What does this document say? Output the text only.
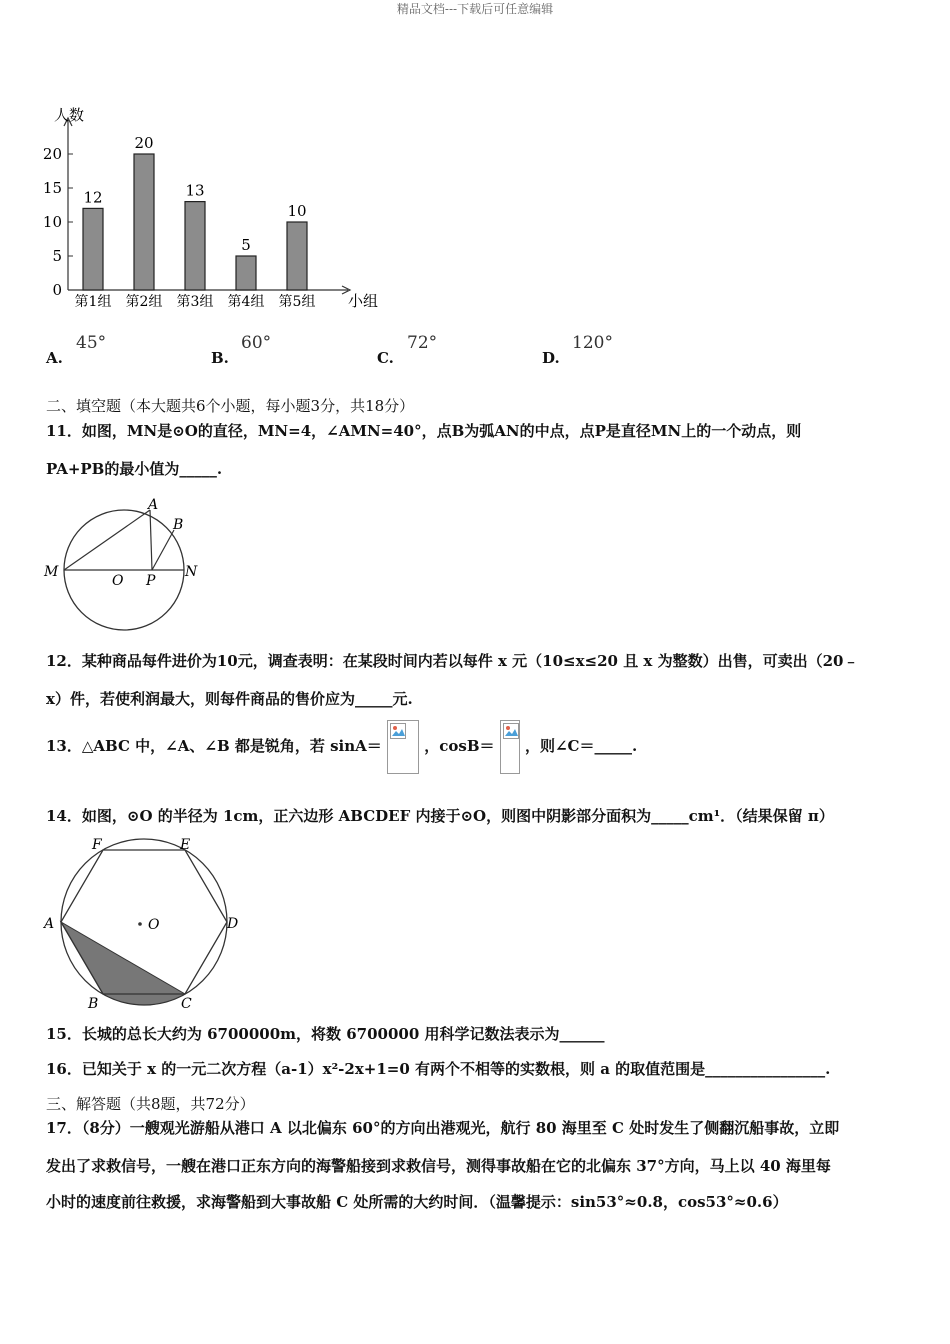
精品文档---下载后可任意编辑
0
5
10
15
20
12
第1组
20
第2组
13
第3组
5
第4组
10
第5组
人数
小组
A.
45°
B.
60°
C.
72°
D.
120°
二、填空题（本大题共6个小题，每小题3分，共18分）
11．如图，MN是⊙O的直径，MN=4，∠AMN=40°，点B为弧AN的中点，点P是直径MN上的一个动点，则
PA+PB的最小值为_____.
M
O P
N
A
B
12．某种商品每件进价为10元，调查表明：在某段时间内若以每件 x 元（10≤x≤20 且 x 为整数）出售，可卖出（20﹣
x）件，若使利润最大，则每件商品的售价应为_____元.
13．△ABC 中，∠A、∠B 都是锐角，若 sinA＝	，cosB＝ ，则∠C＝_____.
14．如图，⊙O 的半径为 1cm，正六边形 ABCDEF 内接于⊙O，则图中阴影部分面积为_____cm¹．（结果保留 π）
O
A
B	C
D
E
F
15．长城的总长大约为 6700000m，将数 6700000 用科学记数法表示为______
16．已知关于 x 的一元二次方程（a-1）x²-2x+1=0 有两个不相等的实数根，则 a 的取值范围是________________.
三、解答题（共8题，共72分）
17．（8分）一艘观光游船从港口 A 以北偏东 60°的方向出港观光，航行 80 海里至 C 处时发生了侧翻沉船事故，立即
发出了求救信号，一艘在港口正东方向的海警船接到求救信号，测得事故船在它的北偏东 37°方向，马上以 40 海里每
小时的速度前往救援，求海警船到大事故船 C 处所需的大约时间．（温馨提示：sin53°≈0.8，cos53°≈0.6）
